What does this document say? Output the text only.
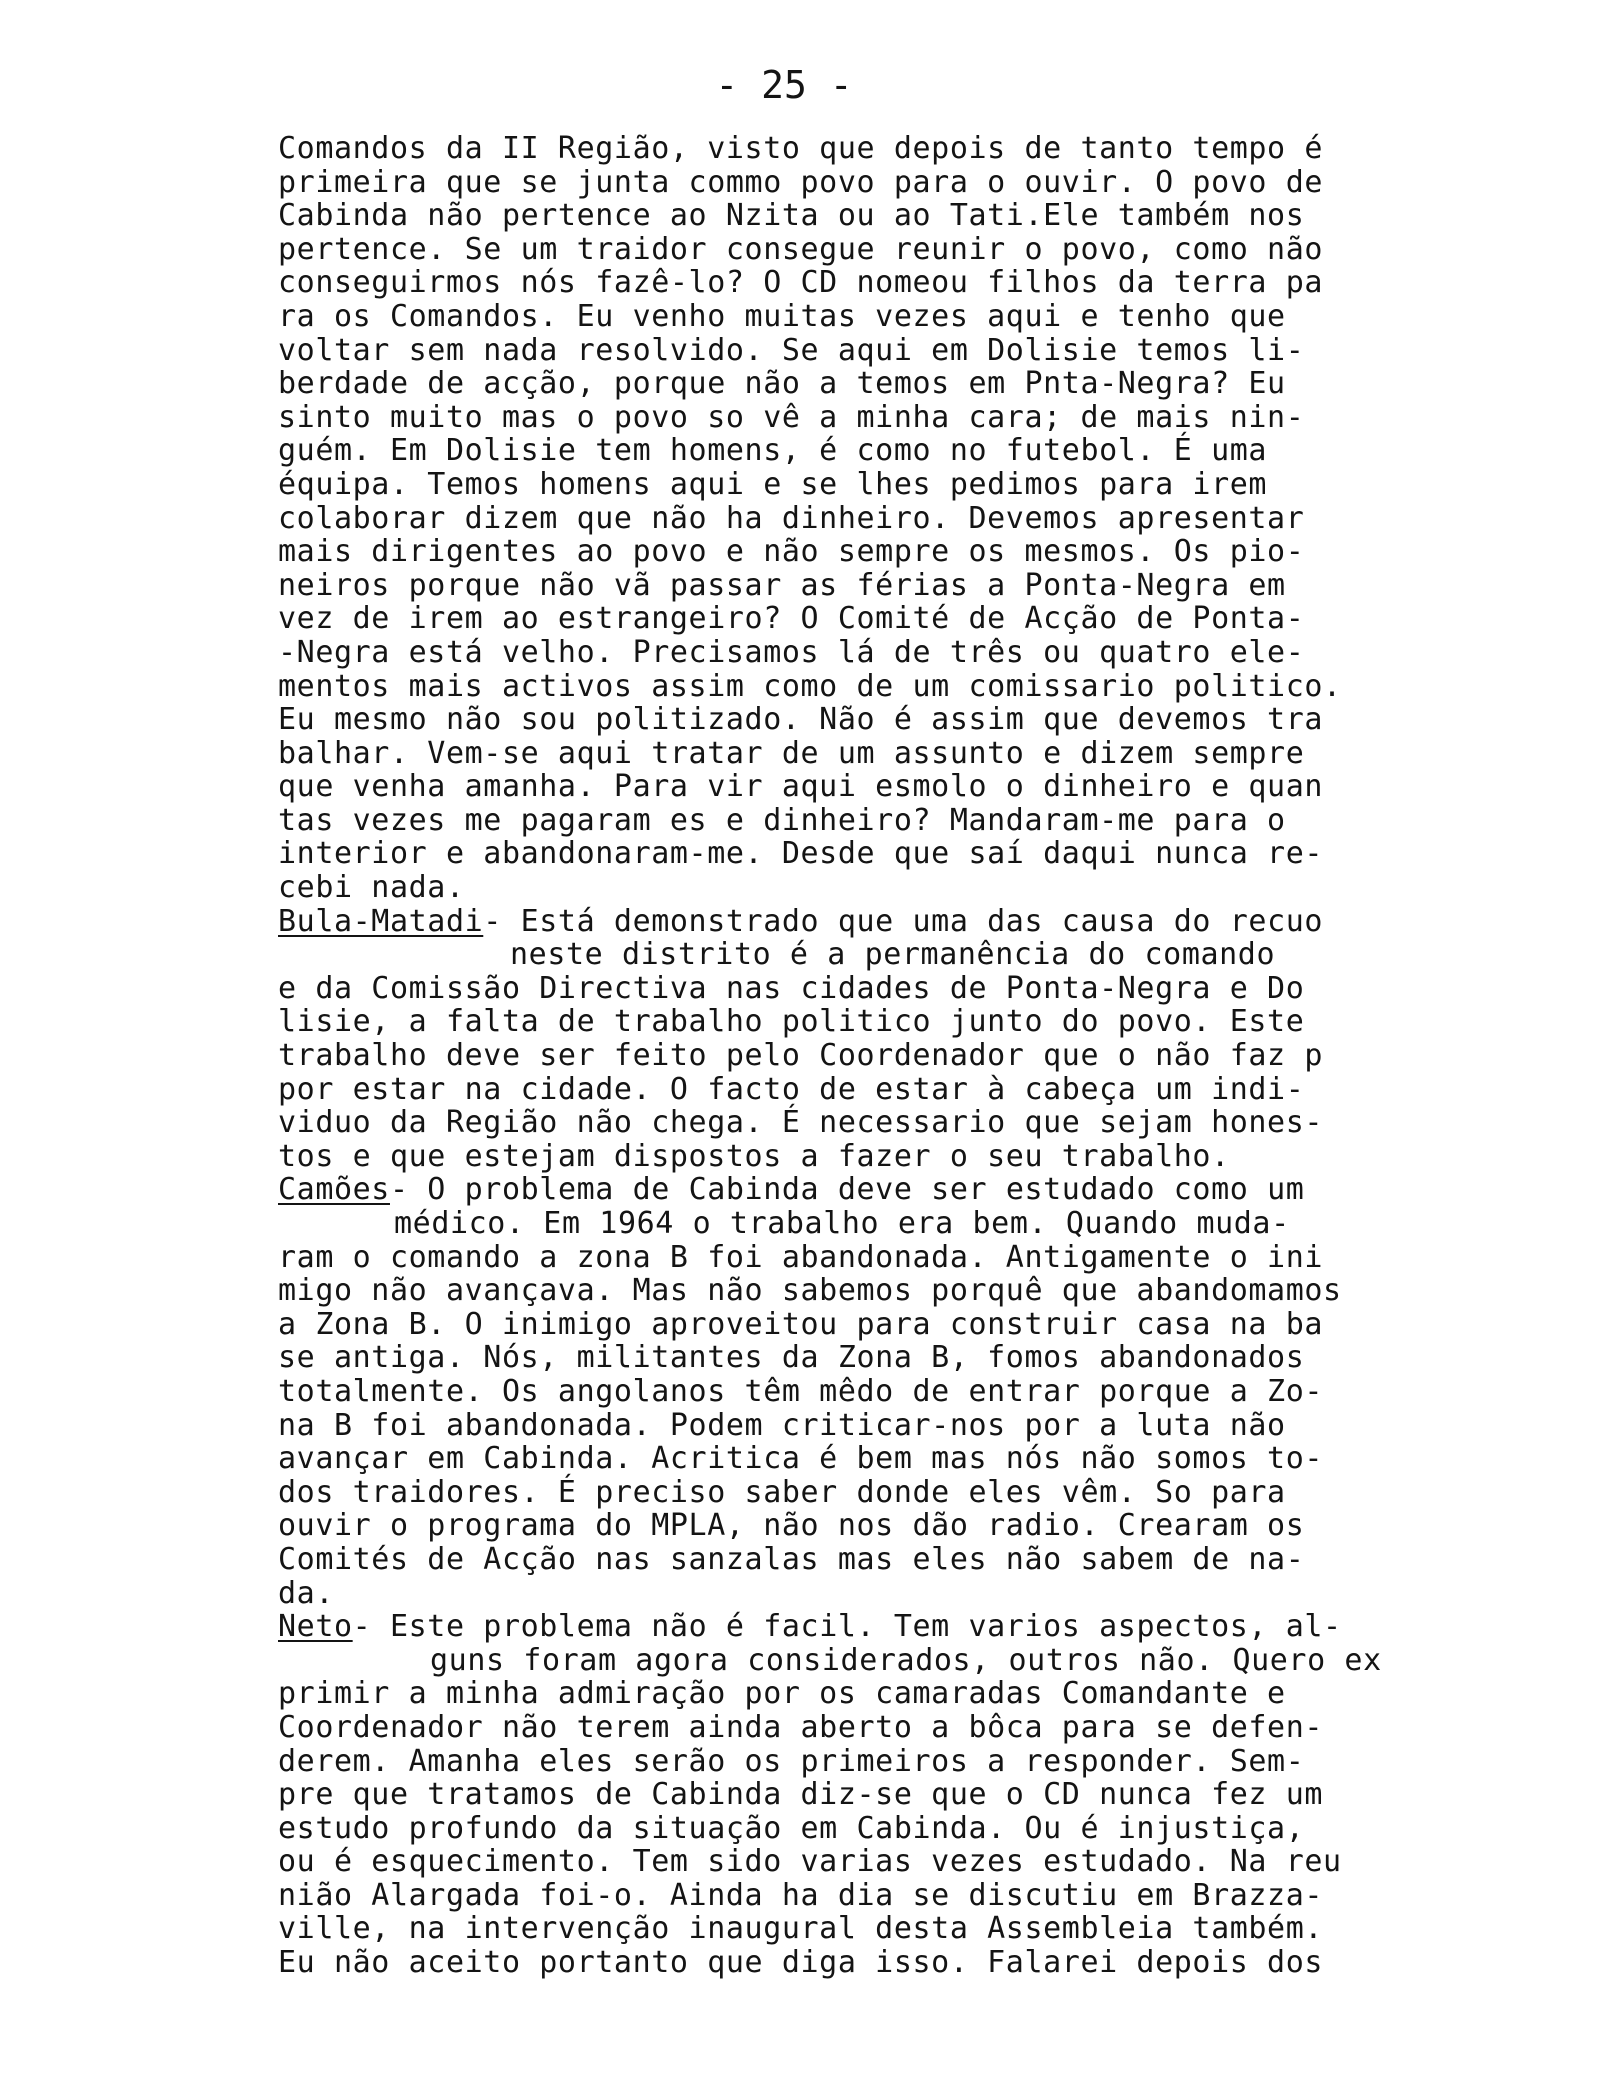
- 25 -
Comandos da II Região, visto que depois de tanto tempo é
primeira que se junta commo povo para o ouvir. O povo de
Cabinda não pertence ao Nzita ou ao Tati.Ele também nos
pertence. Se um traidor consegue reunir o povo, como não
conseguirmos nós fazê-lo? O CD nomeou filhos da terra pa
ra os Comandos. Eu venho muitas vezes aqui e tenho que
voltar sem nada resolvido. Se aqui em Dolisie temos li-
berdade de acção, porque não a temos em Pnta-Negra? Eu
sinto muito mas o povo so vê a minha cara; de mais nin-
guém. Em Dolisie tem homens, é como no futebol. É uma
équipa. Temos homens aqui e se lhes pedimos para irem
colaborar dizem que não ha dinheiro. Devemos apresentar
mais dirigentes ao povo e não sempre os mesmos. Os pio-
neiros porque não vã passar as férias a Ponta-Negra em
vez de irem ao estrangeiro? O Comité de Acção de Ponta-
-Negra está velho. Precisamos lá de três ou quatro ele-
mentos mais activos assim como de um comissario politico.
Eu mesmo não sou politizado. Não é assim que devemos tra
balhar. Vem-se aqui tratar de um assunto e dizem sempre
que venha amanha. Para vir aqui esmolo o dinheiro e quan
tas vezes me pagaram es e dinheiro? Mandaram-me para o
interior e abandonaram-me. Desde que saí daqui nunca re-
cebi nada.
Bula-Matadi- Está demonstrado que uma das causa do recuo
neste distrito é a permanência do comando
e da Comissão Directiva nas cidades de Ponta-Negra e Do
lisie, a falta de trabalho politico junto do povo. Este
trabalho deve ser feito pelo Coordenador que o não faz p
por estar na cidade. O facto de estar à cabeça um indi-
viduo da Região não chega. É necessario que sejam hones-
tos e que estejam dispostos a fazer o seu trabalho.
Camões- O problema de Cabinda deve ser estudado como um
médico. Em 1964 o trabalho era bem. Quando muda-
ram o comando a zona B foi abandonada. Antigamente o ini
migo não avançava. Mas não sabemos porquê que abandomamos
a Zona B. O inimigo aproveitou para construir casa na ba
se antiga. Nós, militantes da Zona B, fomos abandonados
totalmente. Os angolanos têm mêdo de entrar porque a Zo-
na B foi abandonada. Podem criticar-nos por a luta não
avançar em Cabinda. Acritica é bem mas nós não somos to-
dos traidores. É preciso saber donde eles vêm. So para
ouvir o programa do MPLA, não nos dão radio. Crearam os
Comités de Acção nas sanzalas mas eles não sabem de na-
da.
Neto- Este problema não é facil. Tem varios aspectos, al-
guns foram agora considerados, outros não. Quero ex
primir a minha admiração por os camaradas Comandante e
Coordenador não terem ainda aberto a bôca para se defen-
derem. Amanha eles serão os primeiros a responder. Sem-
pre que tratamos de Cabinda diz-se que o CD nunca fez um
estudo profundo da situação em Cabinda. Ou é injustiça,
ou é esquecimento. Tem sido varias vezes estudado. Na reu
nião Alargada foi-o. Ainda ha dia se discutiu em Brazza-
ville, na intervenção inaugural desta Assembleia também.
Eu não aceito portanto que diga isso. Falarei depois dos
